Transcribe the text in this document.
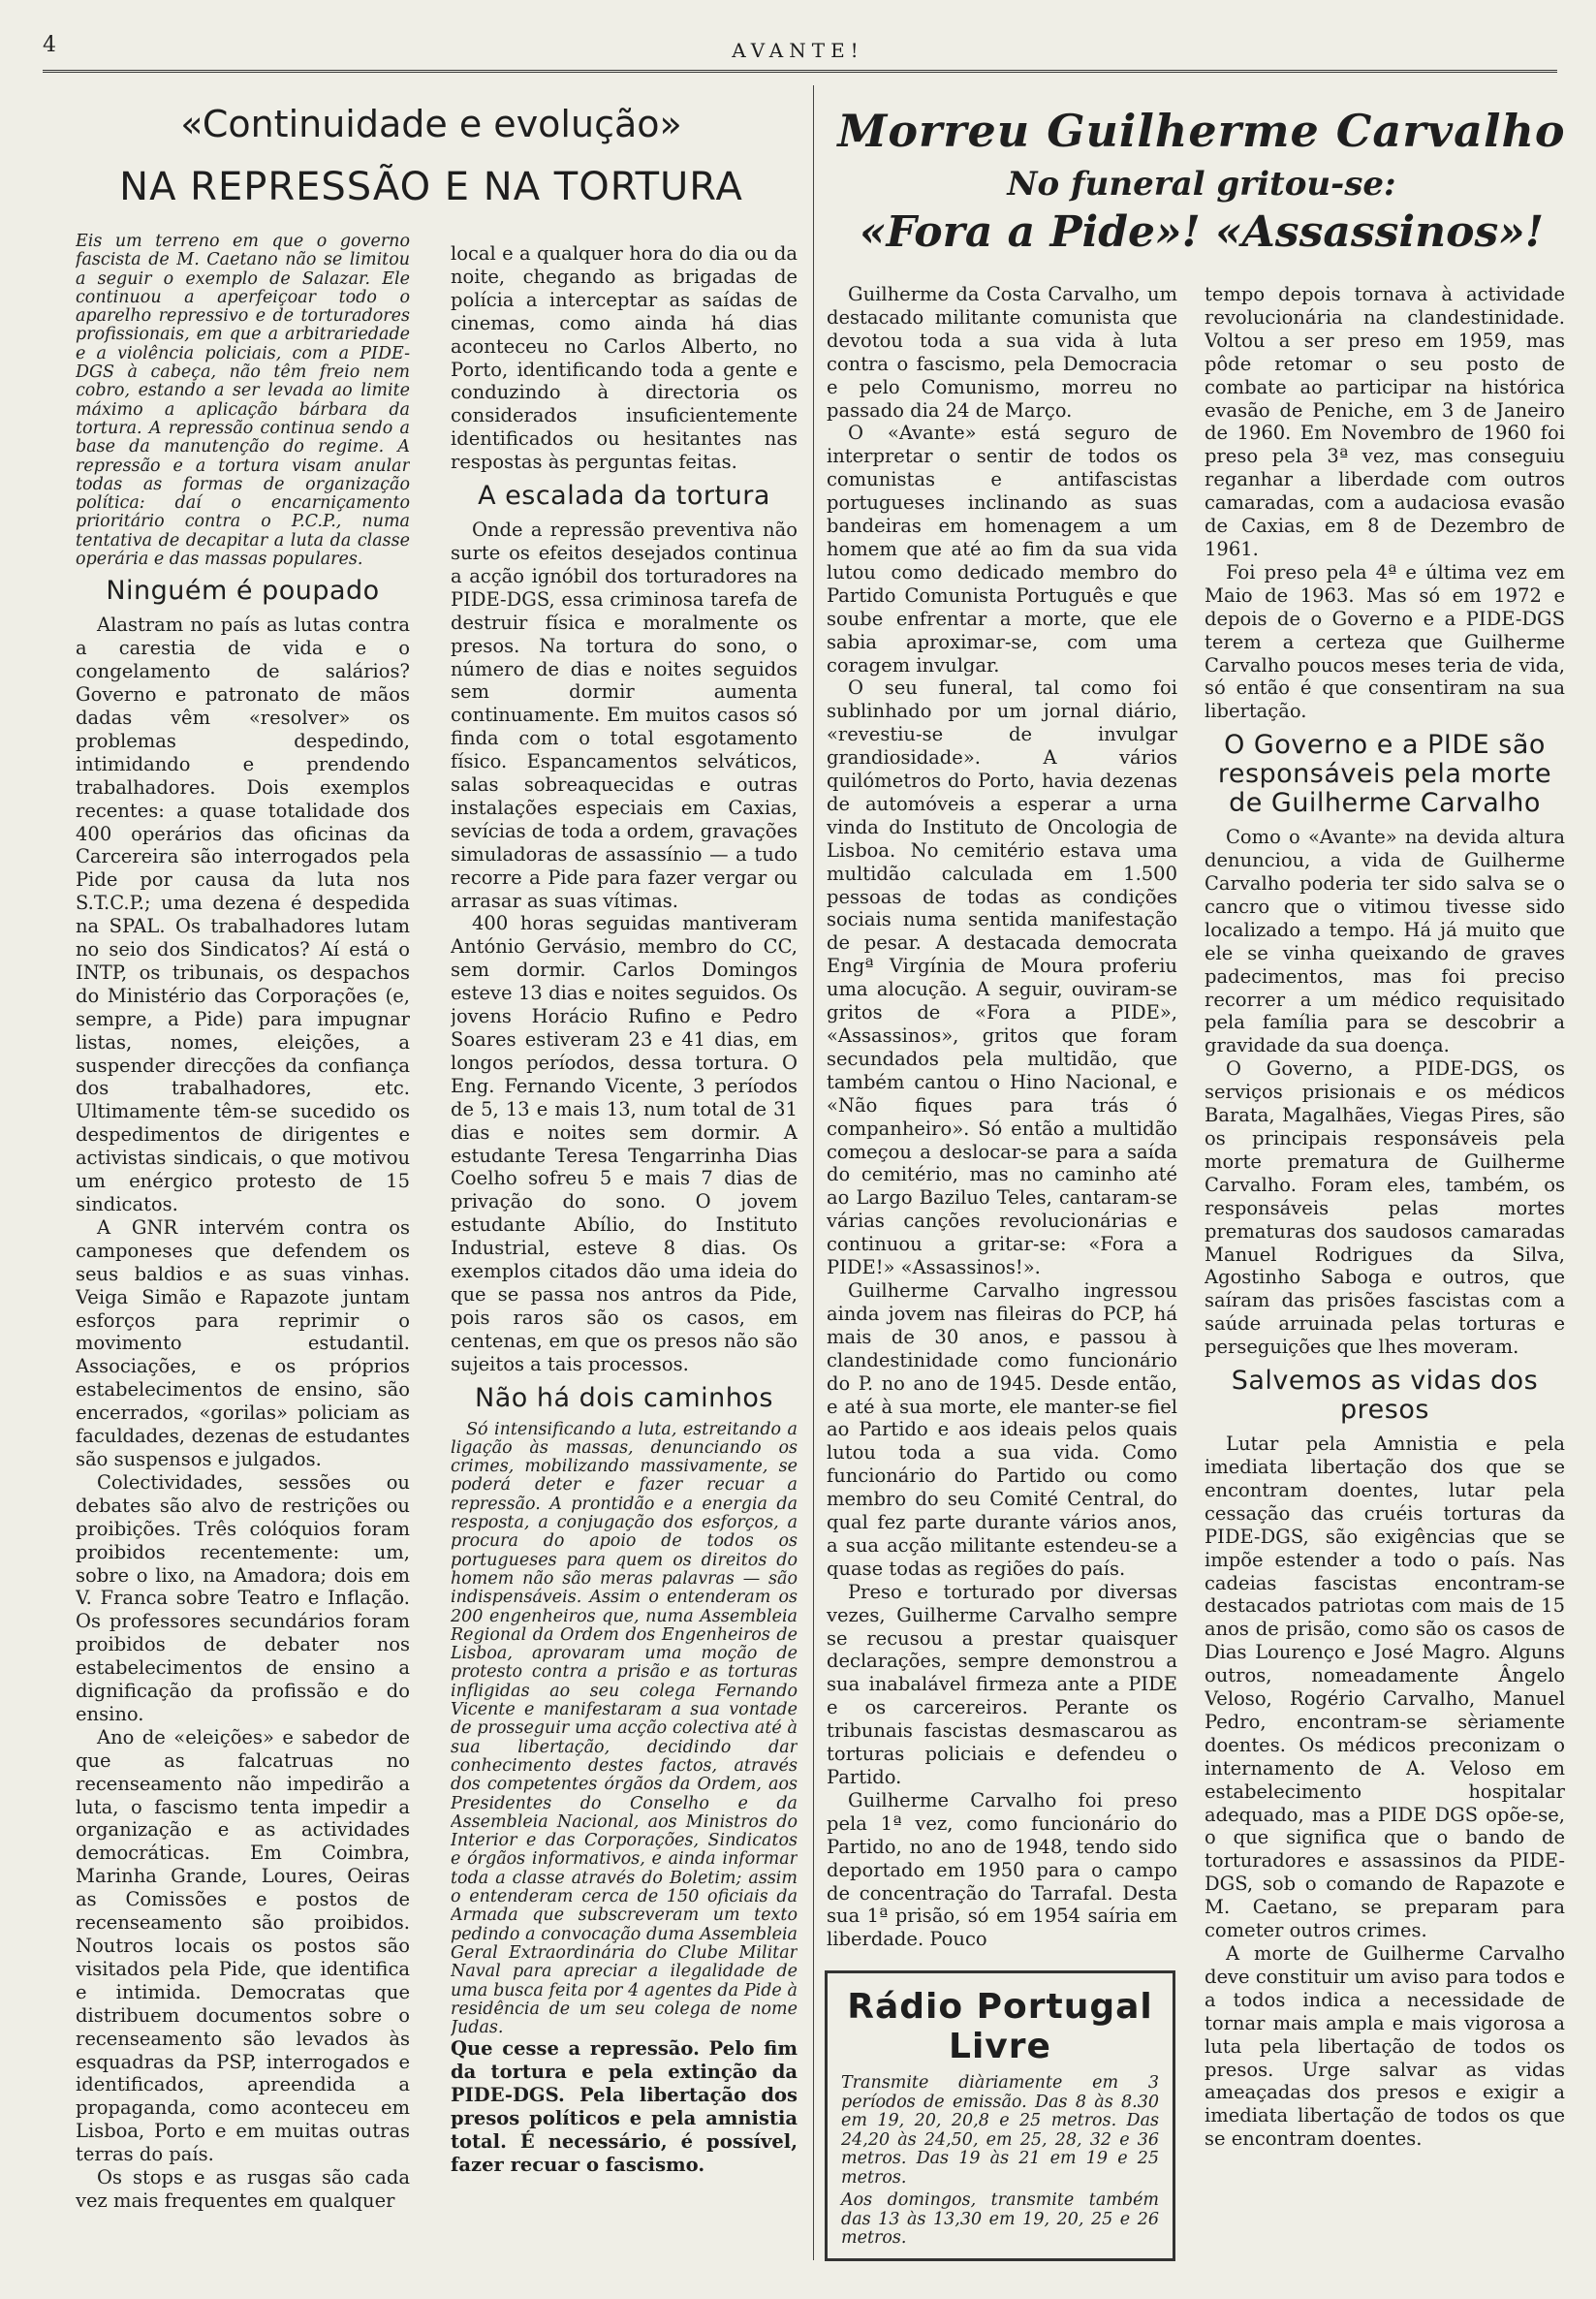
4	AVANTE!
«Continuidade e evolução»
NA REPRESSÃO E NA TORTURA
Morreu Guilherme Carvalho
No funeral gritou-se:
«Fora a Pide»! «Assassinos»!

Eis um terreno em que o governo fascista de M. Caetano não se limitou a seguir o exemplo de Salazar. Ele continuou a aperfeiçoar todo o aparelho repressivo e de torturadores profissionais, em que a arbitrariedade e a violência policiais, com a PIDE-DGS à cabeça, não têm freio nem cobro, estando a ser levada ao limite máximo a aplicação bárbara da tortura. A repressão continua sendo a base da manutenção do regime. A repressão e a tortura visam anular todas as formas de organização política: daí o encarniçamento prioritário contra o P.C.P., numa tentativa de decapitar a luta da classe operária e das massas populares.

Ninguém é poupado

Alastram no país as lutas contra a carestia de vida e o congelamento de salários? Governo e patronato de mãos dadas vêm «resolver» os problemas despedindo, intimidando e prendendo trabalhadores. Dois exemplos recentes: a quase totalidade dos 400 operários das oficinas da Carcereira são interrogados pela Pide por causa da luta nos S.T.C.P.; uma dezena é despedida na SPAL. Os trabalhadores lutam no seio dos Sindicatos? Aí está o INTP, os tribunais, os despachos do Ministério das Corporações (e, sempre, a Pide) para impugnar listas, nomes, eleições, a suspender direcções da confiança dos trabalhadores, etc. Ultimamente têm-se sucedido os despedimentos de dirigentes e activistas sindicais, o que motivou um enérgico protesto de 15 sindicatos.

A GNR intervém contra os camponeses que defendem os seus baldios e as suas vinhas. Veiga Simão e Rapazote juntam esforços para reprimir o movimento estudantil. Associações, e os próprios estabelecimentos de ensino, são encerrados, «gorilas» policiam as faculdades, dezenas de estudantes são suspensos e julgados.

Colectividades, sessões ou debates são alvo de restrições ou proibições. Três colóquios foram proibidos recentemente: um, sobre o lixo, na Amadora; dois em V. Franca sobre Teatro e Inflação. Os professores secundários foram proibidos de debater nos estabelecimentos de ensino a dignificação da profissão e do ensino.

Ano de «eleições» e sabedor de que as falcatruas no recenseamento não impedirão a luta, o fascismo tenta impedir a organização e as actividades democráticas. Em Coimbra, Marinha Grande, Loures, Oeiras as Comissões e postos de recenseamento são proibidos. Noutros locais os postos são visitados pela Pide, que identifica e intimida. Democratas que distribuem documentos sobre o recenseamento são levados às esquadras da PSP, interrogados e identificados, apreendida a propaganda, como aconteceu em Lisboa, Porto e em muitas outras terras do país.

Os stops e as rusgas são cada vez mais frequentes em qualquer

local e a qualquer hora do dia ou da noite, chegando as brigadas de polícia a interceptar as saídas de cinemas, como ainda há dias aconteceu no Carlos Alberto, no Porto, identificando toda a gente e conduzindo à directoria os considerados insuficientemente identificados ou hesitantes nas respostas às perguntas feitas.

A escalada da tortura

Onde a repressão preventiva não surte os efeitos desejados continua a acção ignóbil dos torturadores na PIDE-DGS, essa criminosa tarefa de destruir física e moralmente os presos. Na tortura do sono, o número de dias e noites seguidos sem dormir aumenta continuamente. Em muitos casos só finda com o total esgotamento físico. Espancamentos selváticos, salas sobreaquecidas e outras instalações especiais em Caxias, sevícias de toda a ordem, gravações simuladoras de assassínio — a tudo recorre a Pide para fazer vergar ou arrasar as suas vítimas.

400 horas seguidas mantiveram António Gervásio, membro do CC, sem dormir. Carlos Domingos esteve 13 dias e noites seguidos. Os jovens Horácio Rufino e Pedro Soares estiveram 23 e 41 dias, em longos períodos, dessa tortura. O Eng. Fernando Vicente, 3 períodos de 5, 13 e mais 13, num total de 31 dias e noites sem dormir. A estudante Teresa Tengarrinha Dias Coelho sofreu 5 e mais 7 dias de privação do sono. O jovem estudante Abílio, do Instituto Industrial, esteve 8 dias. Os exemplos citados dão uma ideia do que se passa nos antros da Pide, pois raros são os casos, em centenas, em que os presos não são sujeitos a tais processos.

Não há dois caminhos

Só intensificando a luta, estreitando a ligação às massas, denunciando os crimes, mobilizando massivamente, se poderá deter e fazer recuar a repressão. A prontidão e a energia da resposta, a conjugação dos esforços, a procura do apoio de todos os portugueses para quem os direitos do homem não são meras palavras — são indispensáveis. Assim o entenderam os 200 engenheiros que, numa Assembleia Regional da Ordem dos Engenheiros de Lisboa, aprovaram uma moção de protesto contra a prisão e as torturas infligidas ao seu colega Fernando Vicente e manifestaram a sua vontade de prosseguir uma acção colectiva até à sua libertação, decidindo dar conhecimento destes factos, através dos competentes órgãos da Ordem, aos Presidentes do Conselho e da Assembleia Nacional, aos Ministros do Interior e das Corporações, Sindicatos e órgãos informativos, e ainda informar toda a classe através do Boletim; assim o entenderam cerca de 150 oficiais da Armada que subscreveram um texto pedindo a convocação duma Assembleia Geral Extraordinária do Clube Militar Naval para apreciar a ilegalidade de uma busca feita por 4 agentes da Pide à residência de um seu colega de nome Judas.

Que cesse a repressão. Pelo fim da tortura e pela extinção da PIDE-DGS. Pela libertação dos presos políticos e pela amnistia total. É necessário, é possível, fazer recuar o fascismo.

Guilherme da Costa Carvalho, um destacado militante comunista que devotou toda a sua vida à luta contra o fascismo, pela Democracia e pelo Comunismo, morreu no passado dia 24 de Março.

O «Avante» está seguro de interpretar o sentir de todos os comunistas e antifascistas portugueses inclinando as suas bandeiras em homenagem a um homem que até ao fim da sua vida lutou como dedicado membro do Partido Comunista Português e que soube enfrentar a morte, que ele sabia aproximar-se, com uma coragem invulgar.

O seu funeral, tal como foi sublinhado por um jornal diário, «revestiu-se de invulgar grandiosidade». A vários quilómetros do Porto, havia dezenas de automóveis a esperar a urna vinda do Instituto de Oncologia de Lisboa. No cemitério estava uma multidão calculada em 1.500 pessoas de todas as condições sociais numa sentida manifestação de pesar. A destacada democrata Engª Virgínia de Moura proferiu uma alocução. A seguir, ouviram-se gritos de «Fora a PIDE», «Assassinos», gritos que foram secundados pela multidão, que também cantou o Hino Nacional, e «Não fiques para trás ó companheiro». Só então a multidão começou a deslocar-se para a saída do cemitério, mas no caminho até ao Largo Baziluo Teles, cantaram-se várias canções revolucionárias e continuou a gritar-se: «Fora a PIDE!» «Assassinos!».

Guilherme Carvalho ingressou ainda jovem nas fileiras do PCP, há mais de 30 anos, e passou à clandestinidade como funcionário do P. no ano de 1945. Desde então, e até à sua morte, ele manter-se fiel ao Partido e aos ideais pelos quais lutou toda a sua vida. Como funcionário do Partido ou como membro do seu Comité Central, do qual fez parte durante vários anos, a sua acção militante estendeu-se a quase todas as regiões do país.

Preso e torturado por diversas vezes, Guilherme Carvalho sempre se recusou a prestar quaisquer declarações, sempre demonstrou a sua inabalável firmeza ante a PIDE e os carcereiros. Perante os tribunais fascistas desmascarou as torturas policiais e defendeu o Partido.

Guilherme Carvalho foi preso pela 1ª vez, como funcionário do Partido, no ano de 1948, tendo sido deportado em 1950 para o campo de concentração do Tarrafal. Desta sua 1ª prisão, só em 1954 saíria em liberdade. Pouco

Rádio Portugal Livre

Transmite diàriamente em 3 períodos de emissão. Das 8 às 8.30 em 19, 20, 20,8 e 25 metros. Das 24,20 às 24,50, em 25, 28, 32 e 36 metros. Das 19 às 21 em 19 e 25 metros.

Aos domingos, transmite também das 13 às 13,30 em 19, 20, 25 e 26 metros.

tempo depois tornava à actividade revolucionária na clandestinidade. Voltou a ser preso em 1959, mas pôde retomar o seu posto de combate ao participar na histórica evasão de Peniche, em 3 de Janeiro de 1960. Em Novembro de 1960 foi preso pela 3ª vez, mas conseguiu reganhar a liberdade com outros camaradas, com a audaciosa evasão de Caxias, em 8 de Dezembro de 1961.

Foi preso pela 4ª e última vez em Maio de 1963. Mas só em 1972 e depois de o Governo e a PIDE-DGS terem a certeza que Guilherme Carvalho poucos meses teria de vida, só então é que consentiram na sua libertação.

O Governo e a PIDE são responsáveis pela morte de Guilherme Carvalho

Como o «Avante» na devida altura denunciou, a vida de Guilherme Carvalho poderia ter sido salva se o cancro que o vitimou tivesse sido localizado a tempo. Há já muito que ele se vinha queixando de graves padecimentos, mas foi preciso recorrer a um médico requisitado pela família para se descobrir a gravidade da sua doença.

O Governo, a PIDE-DGS, os serviços prisionais e os médicos Barata, Magalhães, Viegas Pires, são os principais responsáveis pela morte prematura de Guilherme Carvalho. Foram eles, também, os responsáveis pelas mortes prematuras dos saudosos camaradas Manuel Rodrigues da Silva, Agostinho Saboga e outros, que saíram das prisões fascistas com a saúde arruinada pelas torturas e perseguições que lhes moveram.

Salvemos as vidas dos presos

Lutar pela Amnistia e pela imediata libertação dos que se encontram doentes, lutar pela cessação das cruéis torturas da PIDE-DGS, são exigências que se impõe estender a todo o país. Nas cadeias fascistas encontram-se destacados patriotas com mais de 15 anos de prisão, como são os casos de Dias Lourenço e José Magro. Alguns outros, nomeadamente Ângelo Veloso, Rogério Carvalho, Manuel Pedro, encontram-se sèriamente doentes. Os médicos preconizam o internamento de A. Veloso em estabelecimento hospitalar adequado, mas a PIDE DGS opõe-se, o que significa que o bando de torturadores e assassinos da PIDE-DGS, sob o comando de Rapazote e M. Caetano, se preparam para cometer outros crimes.

A morte de Guilherme Carvalho deve constituir um aviso para todos e a todos indica a necessidade de tornar mais ampla e mais vigorosa a luta pela libertação de todos os presos. Urge salvar as vidas ameaçadas dos presos e exigir a imediata libertação de todos os que se encontram doentes.
